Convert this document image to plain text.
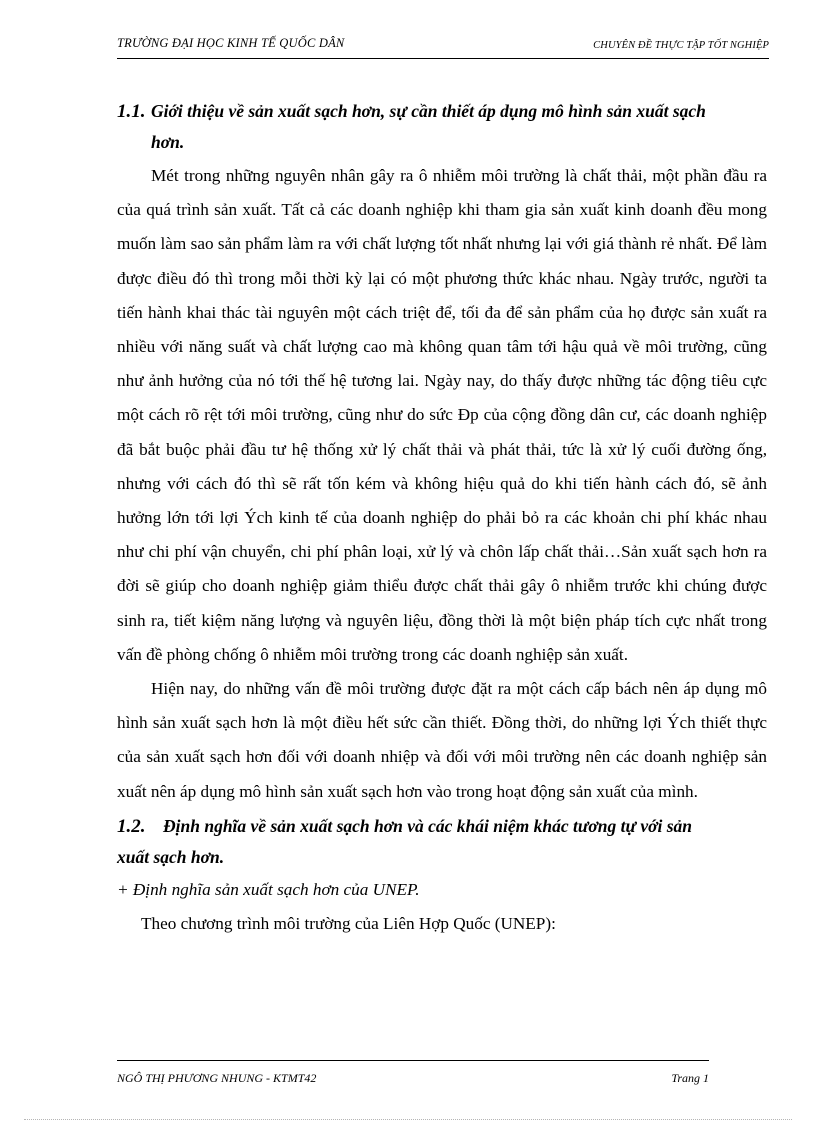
TRƯỜNG ĐẠI HỌC KINH TẾ QUỐC DÂN	CHUYÊN ĐỀ THỰC TẬP TỐT NGHIỆP
1.1. Giới thiệu về sản xuất sạch hơn, sự cần thiết áp dụng mô hình sản xuất sạch
hơn.

Mét trong những nguyên nhân gây ra ô nhiễm môi trường là chất thải, một phần đầu ra của quá trình sản xuất. Tất cả các doanh nghiệp khi tham gia sản xuất kinh doanh đều mong muốn làm sao sản phẩm làm ra với chất lượng tốt nhất nhưng lại với giá thành rẻ nhất. Để làm được điều đó thì trong mỗi thời kỳ lại có một phương thức khác nhau. Ngày trước, người ta tiến hành khai thác tài nguyên một cách triệt để, tối đa để sản phẩm của họ được sản xuất ra nhiều với năng suất và chất lượng cao mà không quan tâm tới hậu quả về môi trường, cũng như ảnh hưởng của nó tới thế hệ tương lai. Ngày nay, do thấy được những tác động tiêu cực một cách rõ rệt tới môi trường, cũng như do sức Ðp của cộng đồng dân cư, các doanh nghiệp đã bắt buộc phải đầu tư hệ thống xử lý chất thải và phát thải, tức là xử lý cuối đường ống, nhưng với cách đó thì sẽ rất tốn kém và không hiệu quả do khi tiến hành cách đó, sẽ ảnh hưởng lớn tới lợi Ých kinh tế của doanh nghiệp do phải bỏ ra các khoản chi phí khác nhau như chi phí vận chuyển, chi phí phân loại, xử lý và chôn lấp chất thải…Sản xuất sạch hơn ra đời sẽ giúp cho doanh nghiệp giảm thiểu được chất thải gây ô nhiễm trước khi chúng được sinh ra, tiết kiệm năng lượng và nguyên liệu, đồng thời là một biện pháp tích cực nhất trong vấn đề phòng chống ô nhiễm môi trường trong các doanh nghiệp sản xuất.

Hiện nay, do những vấn đề môi trường được đặt ra một cách cấp bách nên áp dụng mô hình sản xuất sạch hơn là một điều hết sức cần thiết. Đồng thời, do những lợi Ých thiết thực của sản xuất sạch hơn đối với doanh nhiệp và đối với môi trường nên các doanh nghiệp sản xuất nên áp dụng mô hình sản xuất sạch hơn vào trong hoạt động sản xuất của mình.

1.2. Định nghĩa về sản xuất sạch hơn và các khái niệm khác tương tự với sản
xuất sạch hơn.

+ Định nghĩa sản xuất sạch hơn của UNEP.

Theo chương trình môi trường của Liên Hợp Quốc (UNEP):

NGÔ THỊ PHƯƠNG NHUNG - KTMT42	Trang 1
